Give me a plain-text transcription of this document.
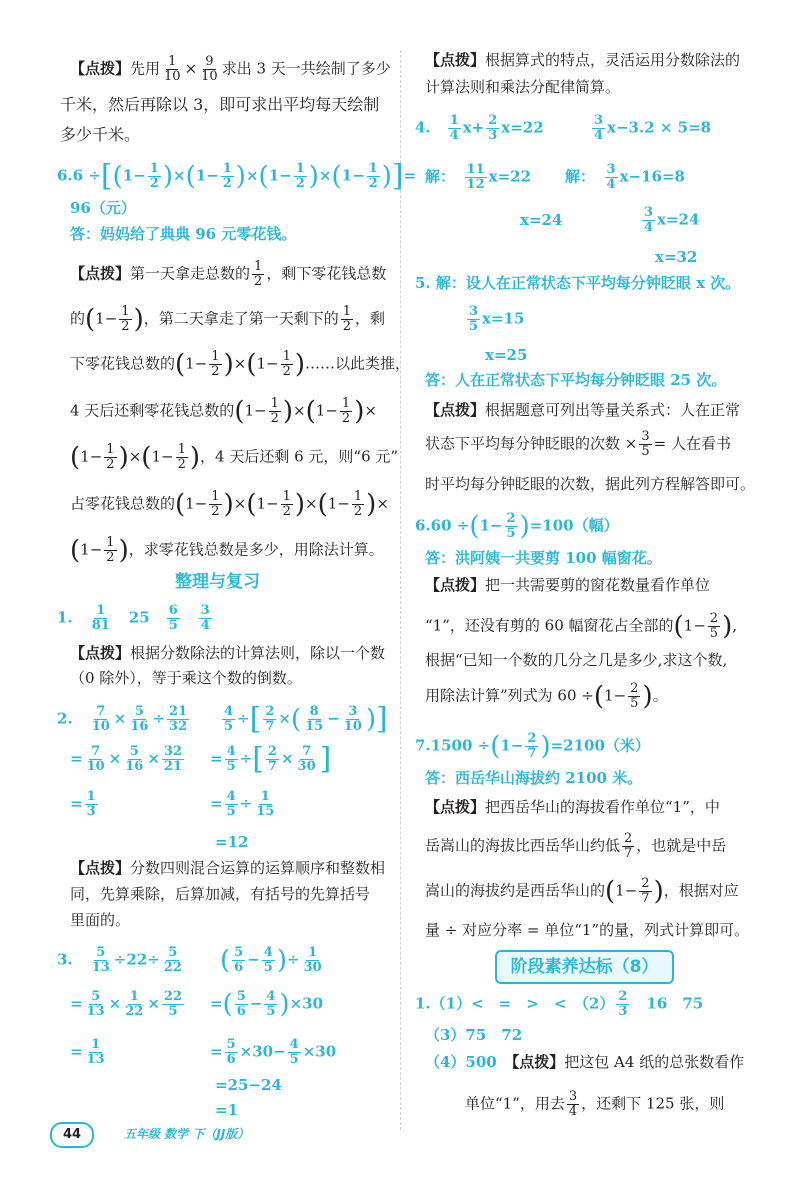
【点拨】先用 $\frac{1}{10} \times \frac{9}{10}$ 求出 3 天一共绘制了多少
千米，然后再除以 3，即可求出平均每天绘制
多少千米。
$6.6 \div[(1- \frac{1}{2} )\times(1- \frac{1}{2} )\times(1- \frac{1}{2} )\times(1- \frac{1}{2}$ )]=
96（元）
答：妈妈给了典典 96 元零花钱。
【点拨】第一天拿走总数的 $\frac{1}{2}$ ，剩下零花钱总数
的($1- \frac{1}{2}$ )，第二天拿走了第一天剩下的 $\frac{1}{2}$ ，剩
下零花钱总数的$(1- \frac{1}{2} )\times(1- \frac{1}{2}$ )……以此类推，
4 天后还剩零花钱总数的$(1- \frac{1}{2} )\times(1- \frac{1}{2}$ )×
$(1- \frac{1}{2} )\times(1- \frac{1}{2}$ )，4 天后还剩 6 元，则“6 元”
占零花钱总数的$(1- \frac{1}{2} )\times(1- \frac{1}{2} )\times(1- \frac{1}{2}$ )×
($1- \frac{1}{2}$ )，求零花钱总数是多少，用除法计算。
整理与复习
1.　 $\frac{1}{81}$
　 25　 $\frac{6}{5}$
　 $\frac{3}{4}$
【点拨】根据分数除法的计算法则，除以一个数
（0 除外），等于乘这个数的倒数。
2.　 $\frac{7}{10} \times \frac{5}{16} \div \frac{21}{32}$
= $\frac{7}{10} \times \frac{5}{16} \times \frac{32}{21}$
= $\frac{1}{3}$
$\frac{4}{5}$ ÷[ $\frac{2}{7}$ ×( $\frac{8}{15} - \frac{3}{10}$ )]
= $\frac{4}{5}$ ÷[ $\frac{2}{7} \times \frac{7}{30}$ ]
= $\frac{4}{5} \div \frac{1}{15}$
=12
【点拨】分数四则混合运算的运算顺序和整数相
同，先算乘除，后算加减，有括号的先算括号
里面的。
3.　 $\frac{5}{13} \div 22\div \frac{5}{22}$
= $\frac{5}{13} \times \frac{1}{22} \times \frac{22}{5}$
= $\frac{1}{13}$
( $\frac{5}{6} - \frac{4}{5}$ )÷ $\frac{1}{30}$
=( $\frac{5}{6} - \frac{4}{5} )\times 30$
= $\frac{5}{6} \times 30- \frac{4}{5} \times 30$
=25−24
=1
【点拨】根据算式的特点，灵活运用分数除法的
计算法则和乘法分配律简算。
4.　 $\frac{1}{4} x+ \frac{2}{3} x=22$	$\frac{3}{4} x-3.2 \times 5=8$
解：　 $\frac{11}{12} x=22$ 解：　 $\frac{3}{4} x-16=8$
x=24	$\frac{3}{4} x=24$
x=32
5. 解：设人在正常状态下平均每分钟眨眼 x 次。
$\frac{3}{5} x=15$
x=25
答：人在正常状态下平均每分钟眨眼 25 次。
【点拨】根据题意可列出等量关系式：人在正常
状态下平均每分钟眨眼的次数 × $\frac{3}{5}$ = 人在看书
时平均每分钟眨眼的次数，据此列方程解答即可。
$6.60 \div(1- \frac{2}{5} )=100$（幅）
答：洪阿姨一共要剪 100 幅窗花。
【点拨】把一共需要剪的窗花数量看作单位
“1”，还没有剪的 60 幅窗花占全部的($1- \frac{2}{5}$ ),
根据“已知一个数的几分之几是多少,求这个数,
用除法计算”列式为 $60 \div(1- \frac{2}{5}$ )。
$7.1500 \div(1- \frac{2}{7} )=2100$（米）
答：西岳华山海拔约 2100 米。
【点拨】把西岳华山的海拔看作单位“1”，中
岳嵩山的海拔比西岳华山约低 $\frac{2}{7}$ ，也就是中岳
嵩山的海拔约是西岳华山的($1- \frac{2}{7}$ )，根据对应
量 ÷ 对应分率 = 单位“1”的量，列式计算即可。
阶段素养达标（8）
1.（1）<　=　>　<　 $(2) \frac{2}{3}$
　 16　75
（3）75　72
（4）500　 【点拨】把这包 A4 纸的总张数看作
单位“1”，用去 $\frac{3}{4}$ ，还剩下 125 张，则
44	五年级 数学 下（JJ版）
